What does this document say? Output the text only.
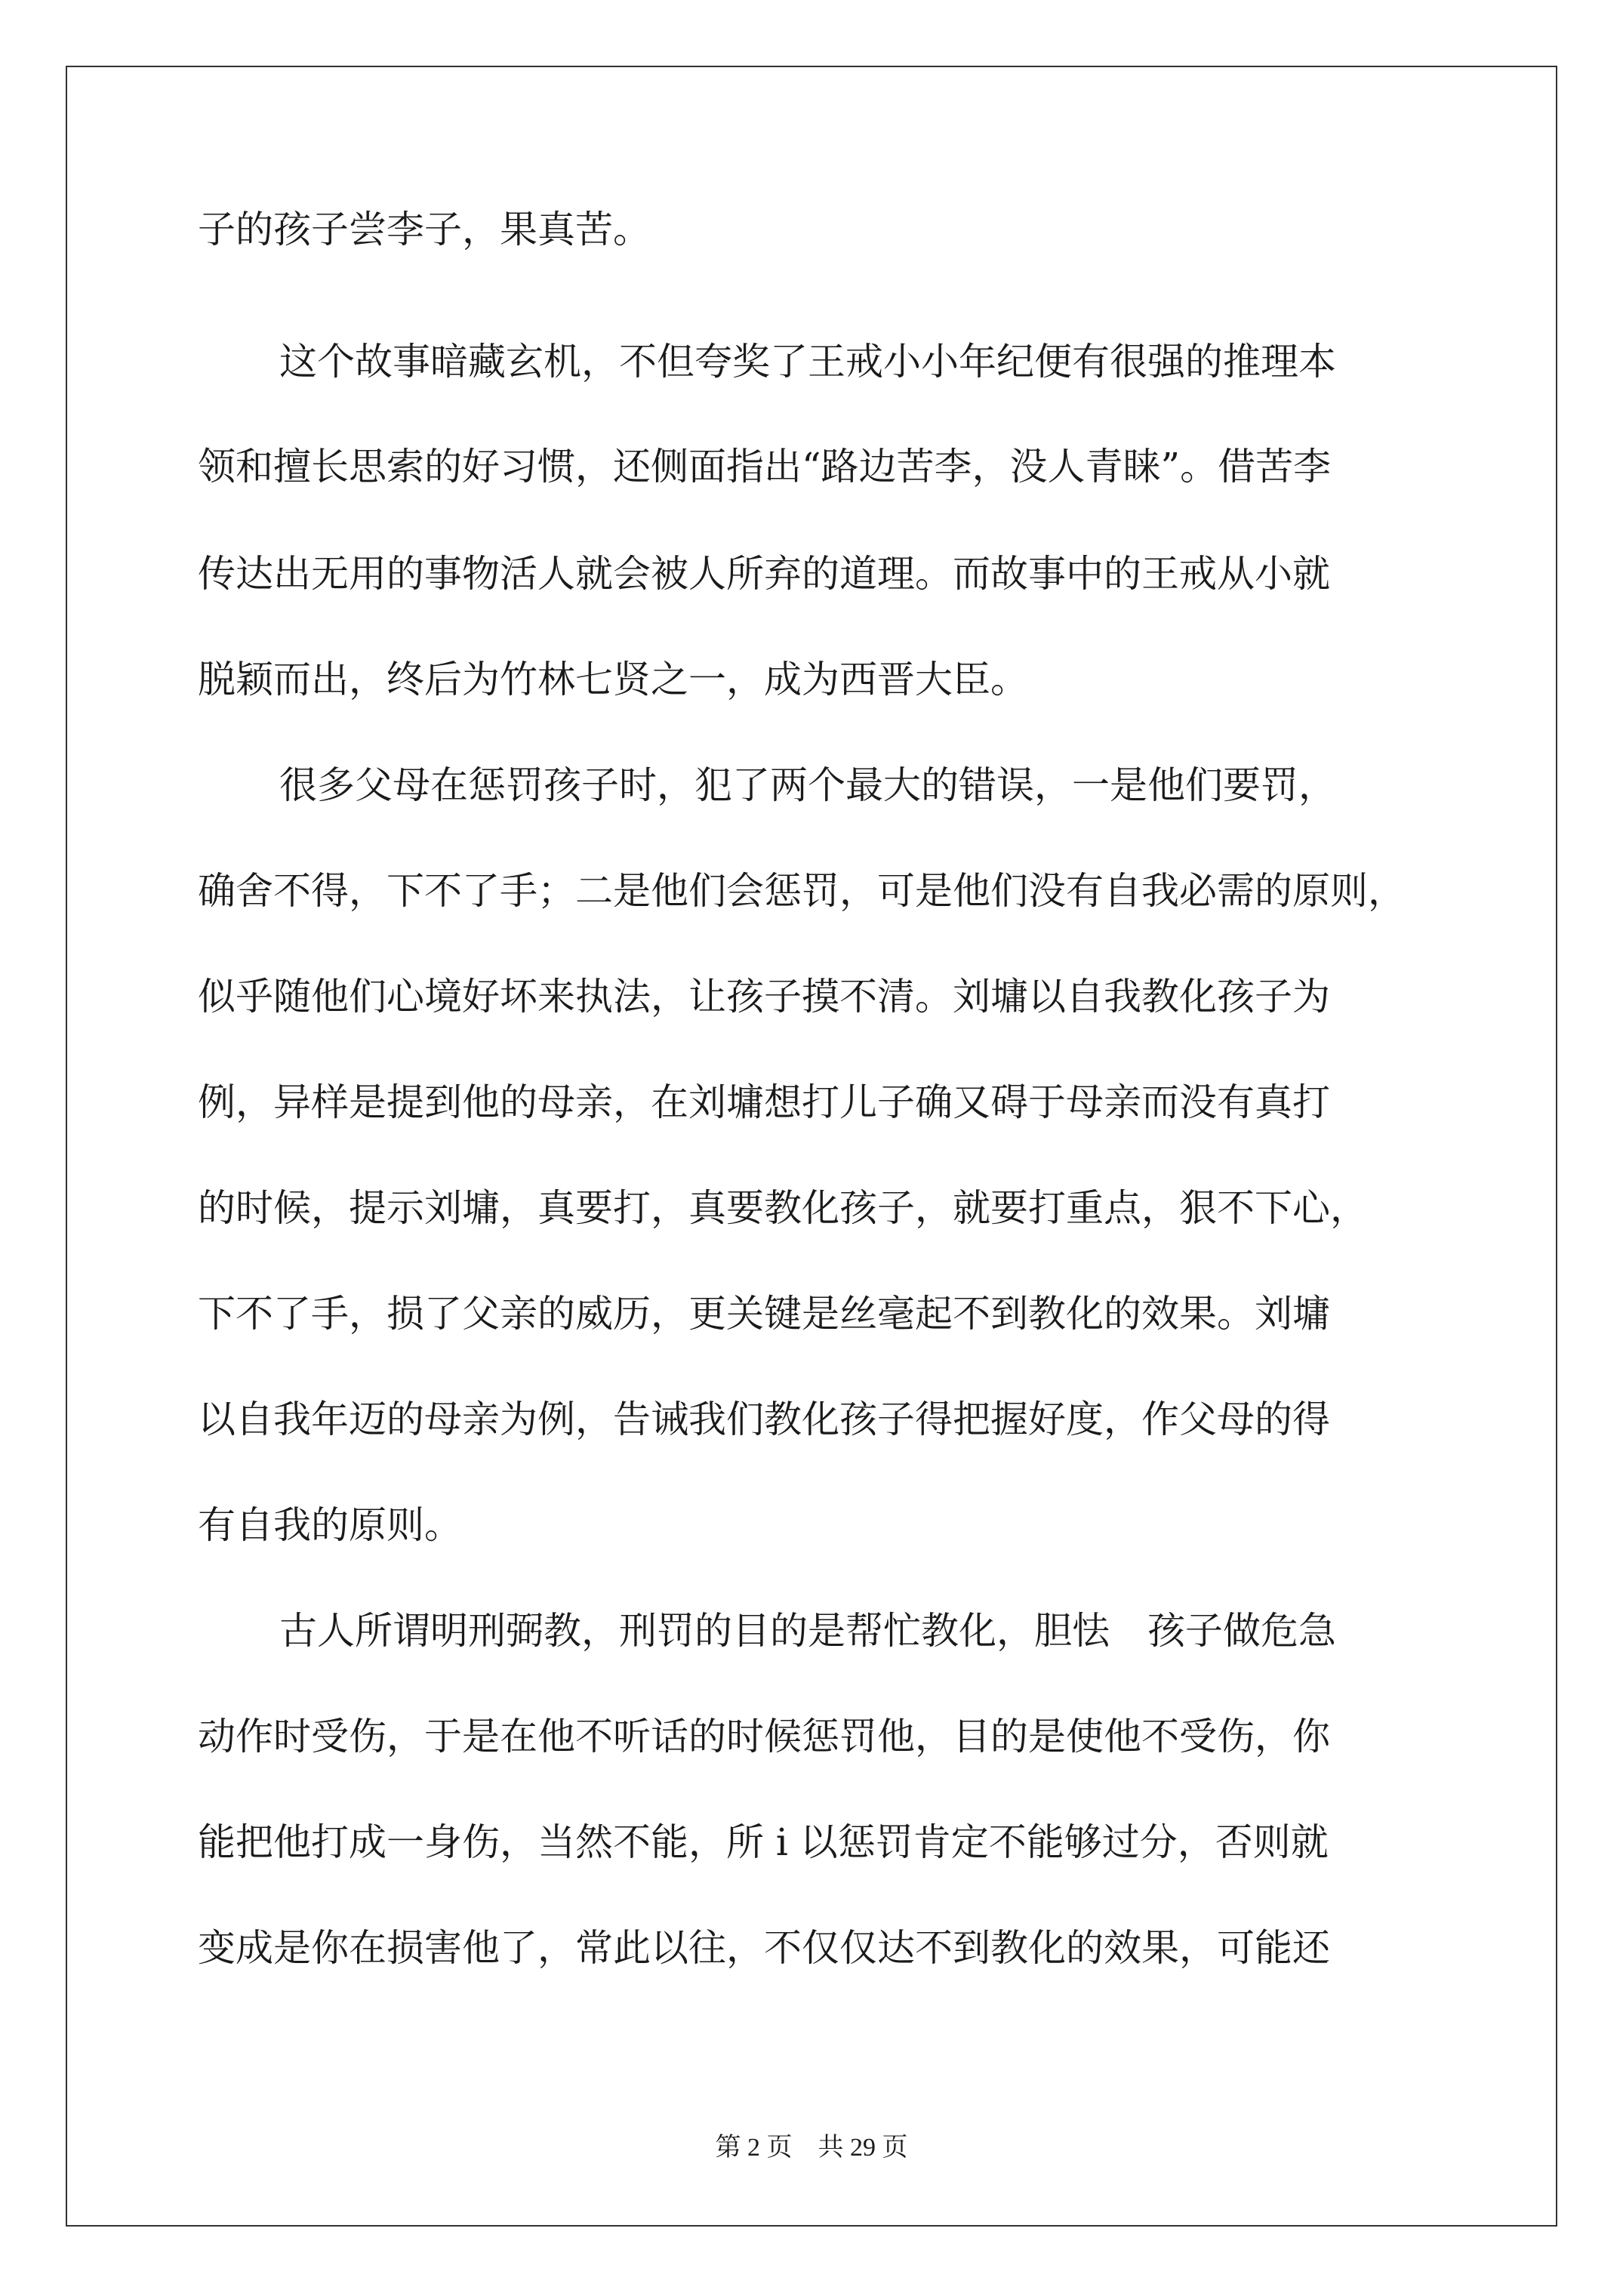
子的孩子尝李子，果真苦。

这个故事暗藏玄机，不但夸奖了王戒小小年纪便有很强的推理本

领和擅长思索的好习惯，还侧面指出“路边苦李，没人青睐”。借苦李

传达出无用的事物活人就会被人所弃的道理。而故事中的王戒从小就

脱颖而出，终后为竹林七贤之一，成为西晋大臣。

很多父母在惩罚孩子时，犯了两个最大的错误，一是他们要罚，

确舍不得，下不了手；二是他们会惩罚，可是他们没有自我必需的原则，

似乎随他们心境好坏来执法，让孩子摸不清。刘墉以自我教化孩子为

例，异样是提到他的母亲，在刘墉想打儿子确又碍于母亲而没有真打

的时候，提示刘墉，真要打，真要教化孩子，就要打重点，狠不下心，

下不了手，损了父亲的威历，更关键是丝毫起不到教化的效果。刘墉

以自我年迈的母亲为例，告诫我们教化孩子得把握好度，作父母的得

有自我的原则。

古人所谓明刑弼教，刑罚的目的是帮忙教化，胆怯　孩子做危急

动作时受伤，于是在他不听话的时候惩罚他，目的是使他不受伤，你

能把他打成一身伤，当然不能，所 i 以惩罚肯定不能够过分，否则就

变成是你在损害他了，常此以往，不仅仅达不到教化的效果，可能还

第 2 页　共 29 页
